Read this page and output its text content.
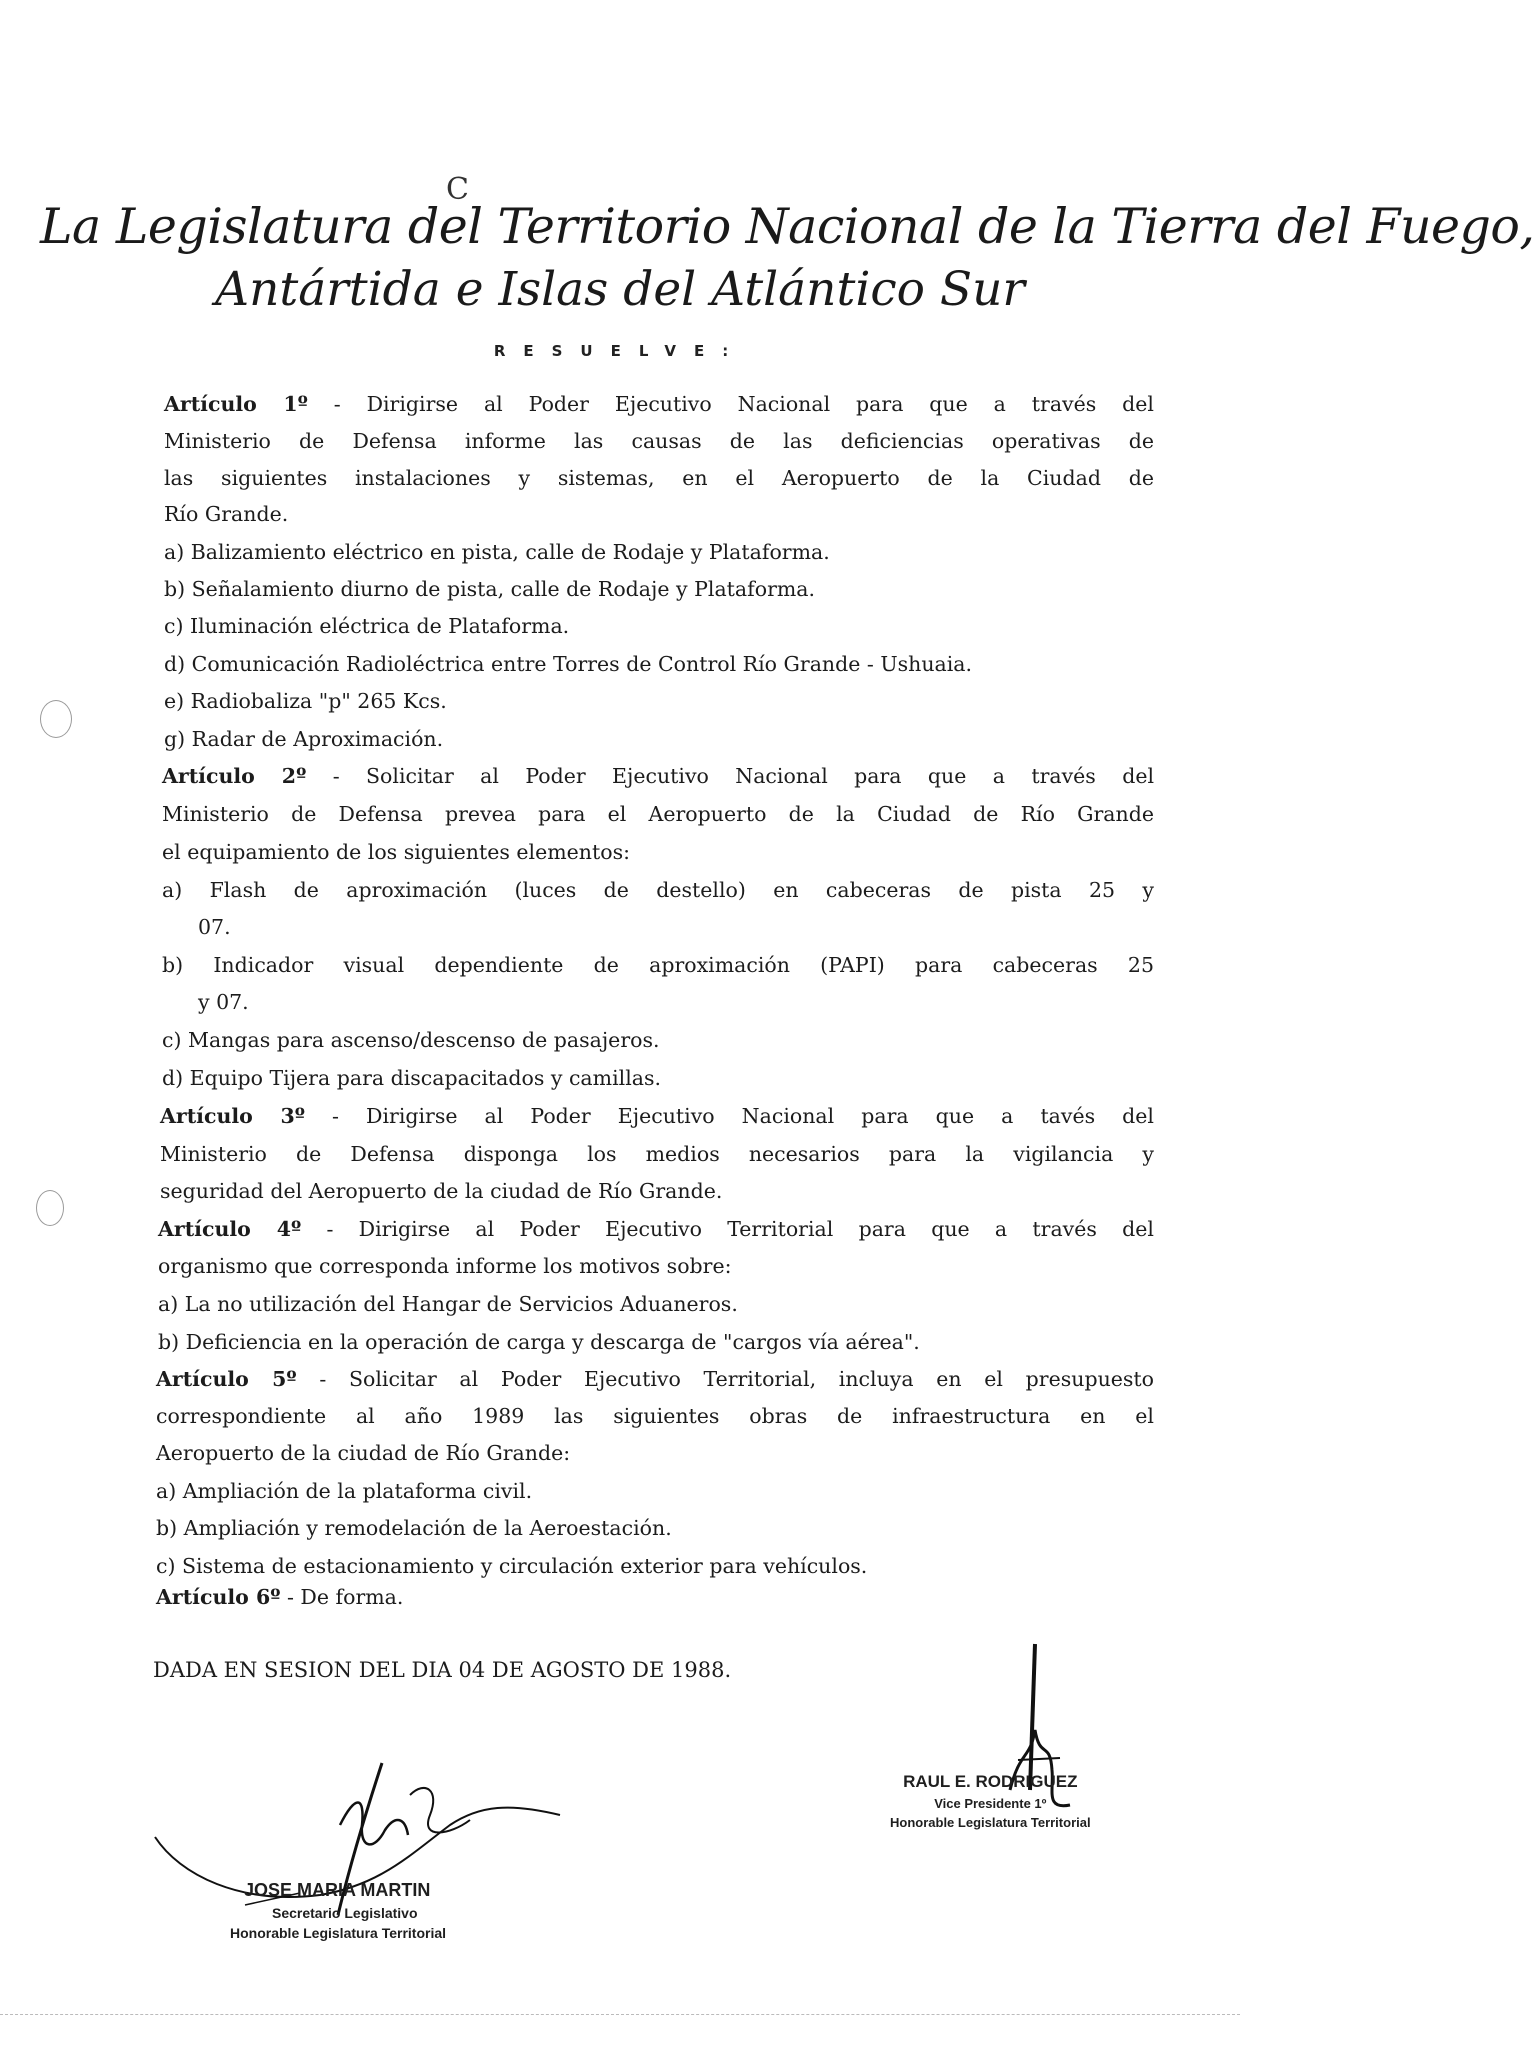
C
La Legislatura del Territorio Nacional de la Tierra del Fuego,
Antártida e Islas del Atlántico Sur
RESUELVE:
Artículo 1º - Dirigirse al Poder Ejecutivo Nacional para que a través del
Ministerio de Defensa informe las causas de las deficiencias operativas de
las siguientes instalaciones y sistemas, en el Aeropuerto de la Ciudad de
Río Grande.
a) Balizamiento eléctrico en pista, calle de Rodaje y Plataforma.
b) Señalamiento diurno de pista, calle de Rodaje y Plataforma.
c) Iluminación eléctrica de Plataforma.
d) Comunicación Radioléctrica entre Torres de Control Río Grande - Ushuaia.
e) Radiobaliza "p" 265 Kcs.
g) Radar de Aproximación.
Artículo 2º - Solicitar al Poder Ejecutivo Nacional para que a través del
Ministerio de Defensa prevea para el Aeropuerto de la Ciudad de Río Grande
el equipamiento de los siguientes elementos:
a) Flash de aproximación (luces de destello) en cabeceras de pista 25 y
07.
b) Indicador visual dependiente de aproximación (PAPI) para cabeceras 25
y 07.
c) Mangas para ascenso/descenso de pasajeros.
d) Equipo Tijera para discapacitados y camillas.
Artículo 3º - Dirigirse al Poder Ejecutivo Nacional para que a tavés del
Ministerio de Defensa disponga los medios necesarios para la vigilancia y
seguridad del Aeropuerto de la ciudad de Río Grande.
Artículo 4º - Dirigirse al Poder Ejecutivo Territorial para que a través del
organismo que corresponda informe los motivos sobre:
a) La no utilización del Hangar de Servicios Aduaneros.
b) Deficiencia en la operación de carga y descarga de "cargos vía aérea".
Artículo 5º - Solicitar al Poder Ejecutivo Territorial, incluya en el presupuesto
correspondiente al año 1989 las siguientes obras de infraestructura en el
Aeropuerto de la ciudad de Río Grande:
a) Ampliación de la plataforma civil.
b) Ampliación y remodelación de la Aeroestación.
c) Sistema de estacionamiento y circulación exterior para vehículos.
Artículo 6º - De forma.
DADA EN SESION DEL DIA 04 DE AGOSTO DE 1988.
JOSE MARIA MARTIN
Secretario Legislativo
Honorable Legislatura Territorial
RAUL E. RODRIGUEZ
Vice Presidente 1º
Honorable Legislatura Territorial
